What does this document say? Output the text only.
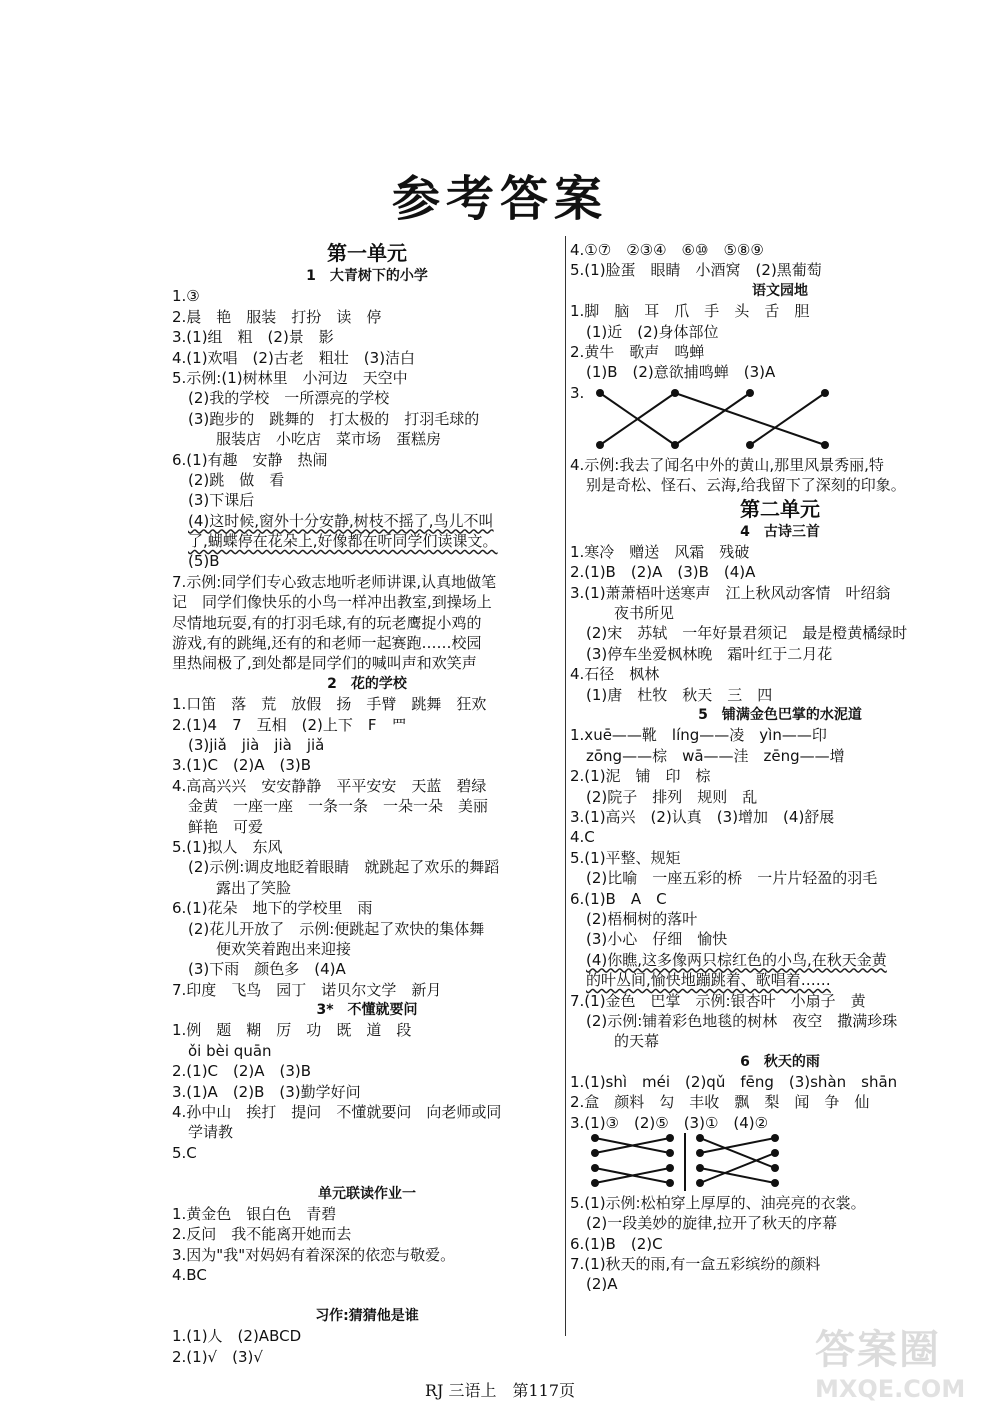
参考答案
第一单元
1　大青树下的小学
1.③
2.晨　艳　服装　打扮　读　停
3.(1)组　粗　(2)景　影
4.(1)欢唱　(2)古老　粗壮　(3)洁白
5.示例:(1)树林里　小河边　天空中
(2)我的学校　一所漂亮的学校
(3)跑步的　跳舞的　打太极的　打羽毛球的
服装店　小吃店　菜市场　蛋糕房
6.(1)有趣　安静　热闹
(2)跳　做　看
(3)下课后
(4)这时候,窗外十分安静,树枝不摇了,鸟儿不叫
了,蝴蝶停在花朵上,好像都在听同学们读课文。
(5)B
7.示例:同学们专心致志地听老师讲课,认真地做笔
记　同学们像快乐的小鸟一样冲出教室,到操场上
尽情地玩耍,有的打羽毛球,有的玩老鹰捉小鸡的
游戏,有的跳绳,还有的和老师一起赛跑……校园
里热闹极了,到处都是同学们的喊叫声和欢笑声
2　花的学校
1.口笛　落　荒　放假　扬　手臂　跳舞　狂欢
2.(1)4　7　互相　(2)上下　F　罒
(3)jiǎ　jià　jià　jiǎ
3.(1)C　(2)A　(3)B
4.高高兴兴　安安静静　平平安安　天蓝　碧绿
金黄　一座一座　一条一条　一朵一朵　美丽
鲜艳　可爱
5.(1)拟人　东风
(2)示例:调皮地眨着眼睛　就跳起了欢乐的舞蹈
露出了笑脸
6.(1)花朵　地下的学校里　雨
(2)花儿开放了　示例:便跳起了欢快的集体舞
便欢笑着跑出来迎接
(3)下雨　颜色多　(4)A
7.印度　飞鸟　园丁　诺贝尔文学　新月
3*　不懂就要问
1.例　题　糊　厉　功　既　道　段
ǒi bèi quān
2.(1)C　(2)A　(3)B
3.(1)A　(2)B　(3)勤学好问
4.孙中山　挨打　提问　不懂就要问　向老师或同
学请教
5.C
单元联读作业一
1.黄金色　银白色　青碧
2.反问　我不能离开她而去
3.因为"我"对妈妈有着深深的依恋与敬爱。
4.BC
习作:猜猜他是谁
1.(1)人　(2)ABCD
2.(1)√　(3)√
4.①⑦　②③④　⑥⑩　⑤⑧⑨
5.(1)脸蛋　眼睛　小酒窝　(2)黑葡萄
语文园地
1.脚　脑　耳　爪　手　头　舌　胆
(1)近　(2)身体部位
2.黄牛　歌声　鸣蝉
(1)B　(2)意欲捕鸣蝉　(3)A
3.
4.示例:我去了闻名中外的黄山,那里风景秀丽,特
别是奇松、怪石、云海,给我留下了深刻的印象。
第二单元
4　古诗三首
1.寒冷　赠送　风霜　残破
2.(1)B　(2)A　(3)B　(4)A
3.(1)萧萧梧叶送寒声　江上秋风动客情　叶绍翁
夜书所见
(2)宋　苏轼　一年好景君须记　最是橙黄橘绿时
(3)停车坐爱枫林晚　霜叶红于二月花
4.石径　枫林
(1)唐　杜牧　秋天　三　四
5　铺满金色巴掌的水泥道
1.xuē——靴　líng——凌　yìn——印
zōng——棕　wā——洼　zēng——增
2.(1)泥　铺　印　棕
(2)院子　排列　规则　乱
3.(1)高兴　(2)认真　(3)增加　(4)舒展
4.C
5.(1)平整、规矩
(2)比喻　一座五彩的桥　一片片轻盈的羽毛
6.(1)B　A　C
(2)梧桐树的落叶
(3)小心　仔细　愉快
(4)你瞧,这多像两只棕红色的小鸟,在秋天金黄
的叶丛间,愉快地蹦跳着、歌唱着……
7.(1)金色　巴掌　示例:银杏叶　小扇子　黄
(2)示例:铺着彩色地毯的树林　夜空　撒满珍珠
的天幕
6　秋天的雨
1.(1)shì　méi　(2)qǔ　fēng　(3)shàn　shān
2.盒　颜料　勾　丰收　飘　梨　闻　争　仙
3.(1)③　(2)⑤　(3)①　(4)②
5.(1)示例:松柏穿上厚厚的、油亮亮的衣裳。
(2)一段美妙的旋律,拉开了秋天的序幕
6.(1)B　(2)C
7.(1)秋天的雨,有一盒五彩缤纷的颜料
(2)A
RJ 三语上　第117页
答案圈
MXQE.COM
